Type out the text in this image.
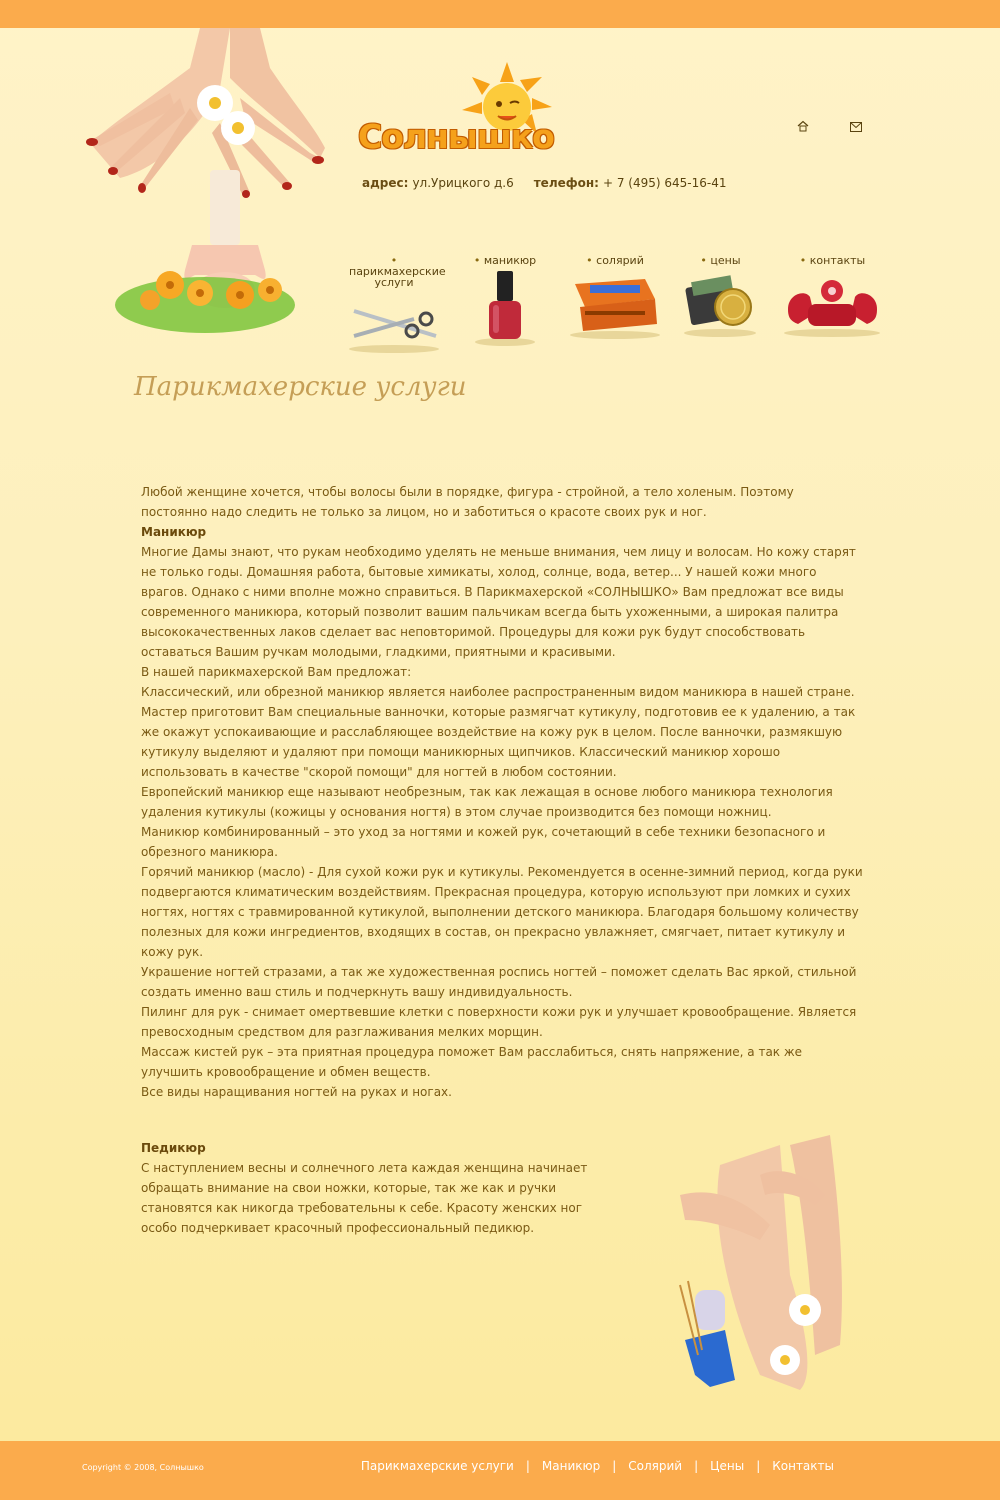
Солнышко
адрес: ул.Урицкого д.6 телефон: + 7 (495) 645-16-41
• парикмахерские услуги
• маникюр	• солярий	• цены	• контакты
Парикмахерские услуги

Любой женщине хочется, чтобы волосы были в порядке, фигура - стройной, а тело холеным. Поэтому постоянно надо следить не только за лицом, но и заботиться о красоте своих рук и ног.

Маникюр

Многие Дамы знают, что рукам необходимо уделять не меньше внимания, чем лицу и волосам. Но кожу старят не только годы. Домашняя работа, бытовые химикаты, холод, солнце, вода, ветер... У нашей кожи много врагов. Однако с ними вполне можно справиться. В Парикмахерской «СОЛНЫШКО» Вам предложат все виды современного маникюра, который позволит вашим пальчикам всегда быть ухоженными, а широкая палитра высококачественных лаков сделает вас неповторимой. Процедуры для кожи рук будут способствовать оставаться Вашим ручкам молодыми, гладкими, приятными и красивыми.

В нашей парикмахерской Вам предложат:

Классический, или обрезной маникюр является наиболее распространенным видом маникюра в нашей стране. Мастер приготовит Вам специальные ванночки, которые размягчат кутикулу, подготовив ее к удалению, а так же окажут успокаивающие и расслабляющее воздействие на кожу рук в целом. После ванночки, размякшую кутикулу выделяют и удаляют при помощи маникюрных щипчиков. Классический маникюр хорошо использовать в качестве "скорой помощи" для ногтей в любом состоянии.

Европейский маникюр еще называют необрезным, так как лежащая в основе любого маникюра технология удаления кутикулы (кожицы у основания ногтя) в этом случае производится без помощи ножниц.

Маникюр комбинированный – это уход за ногтями и кожей рук, сочетающий в себе техники безопасного и обрезного маникюра.

Горячий маникюр (масло) - Для сухой кожи рук и кутикулы. Рекомендуется в осенне-зимний период, когда руки подвергаются климатическим воздействиям. Прекрасная процедура, которую используют при ломких и сухих ногтях, ногтях с травмированной кутикулой, выполнении детского маникюра. Благодаря большому количеству полезных для кожи ингредиентов, входящих в состав, он прекрасно увлажняет, смягчает, питает кутикулу и кожу рук.

Украшение ногтей стразами, а так же художественная роспись ногтей – поможет сделать Вас яркой, стильной создать именно ваш стиль и подчеркнуть вашу индивидуальность.

Пилинг для рук - снимает омертвевшие клетки с поверхности кожи рук и улучшает кровообращение. Является превосходным средством для разглаживания мелких морщин.

Массаж кистей рук – эта приятная процедура поможет Вам расслабиться, снять напряжение, а так же улучшить кровообращение и обмен веществ.

Все виды наращивания ногтей на руках и ногах.

Педикюр

С наступлением весны и солнечного лета каждая женщина начинает обращать внимание на свои ножки, которые, так же как и ручки становятся как никогда требовательны к себе. Красоту женских ног особо подчеркивает красочный профессиональный педикюр.

Copyright © 2008, Солнышко	Парикмахерские услуги	|	Маникюр	|	Солярий	|	Цены	|	Контакты
